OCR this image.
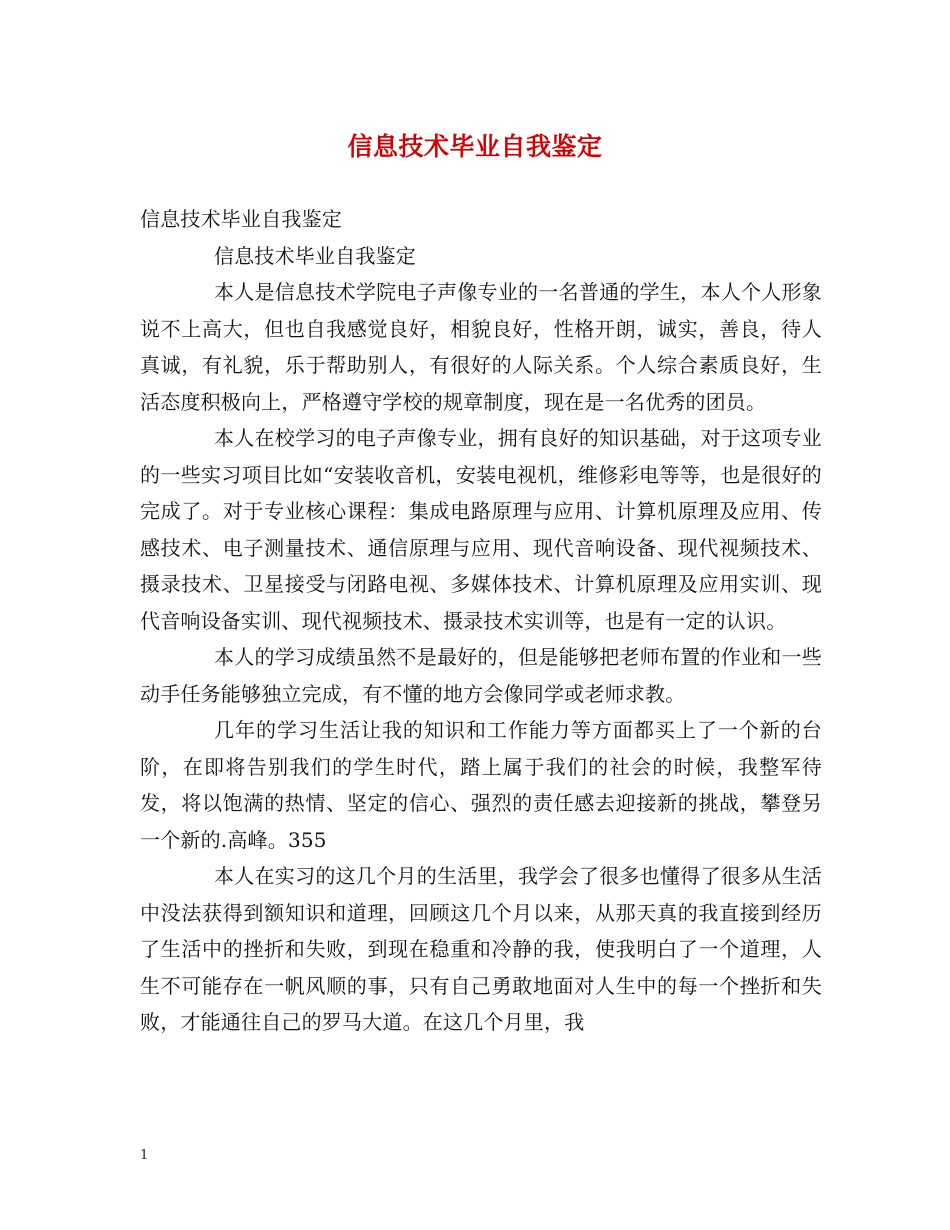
信息技术毕业自我鉴定

信息技术毕业自我鉴定

信息技术毕业自我鉴定

本人是信息技术学院电子声像专业的一名普通的学生，本人个人形象说不上高大，但也自我感觉良好，相貌良好，性格开朗，诚实，善良，待人真诚，有礼貌，乐于帮助别人，有很好的人际关系。个人综合素质良好，生活态度积极向上，严格遵守学校的规章制度，现在是一名优秀的团员。

本人在校学习的电子声像专业，拥有良好的知识基础，对于这项专业的一些实习项目比如“安装收音机，安装电视机，维修彩电等等，也是很好的完成了。对于专业核心课程：集成电路原理与应用、计算机原理及应用、传感技术、电子测量技术、通信原理与应用、现代音响设备、现代视频技术、摄录技术、卫星接受与闭路电视、多媒体技术、计算机原理及应用实训、现代音响设备实训、现代视频技术、摄录技术实训等，也是有一定的认识。

本人的学习成绩虽然不是最好的，但是能够把老师布置的作业和一些动手任务能够独立完成，有不懂的地方会像同学或老师求教。

几年的学习生活让我的知识和工作能力等方面都买上了一个新的台阶，在即将告别我们的学生时代，踏上属于我们的社会的时候，我整军待发，将以饱满的热情、坚定的信心、强烈的责任感去迎接新的挑战，攀登另一个新的.高峰。355

本人在实习的这几个月的生活里，我学会了很多也懂得了很多从生活中没法获得到额知识和道理，回顾这几个月以来，从那天真的我直接到经历了生活中的挫折和失败，到现在稳重和冷静的我，使我明白了一个道理，人生不可能存在一帆风顺的事，只有自己勇敢地面对人生中的每一个挫折和失败，才能通往自己的罗马大道。在这几个月里，我

1
